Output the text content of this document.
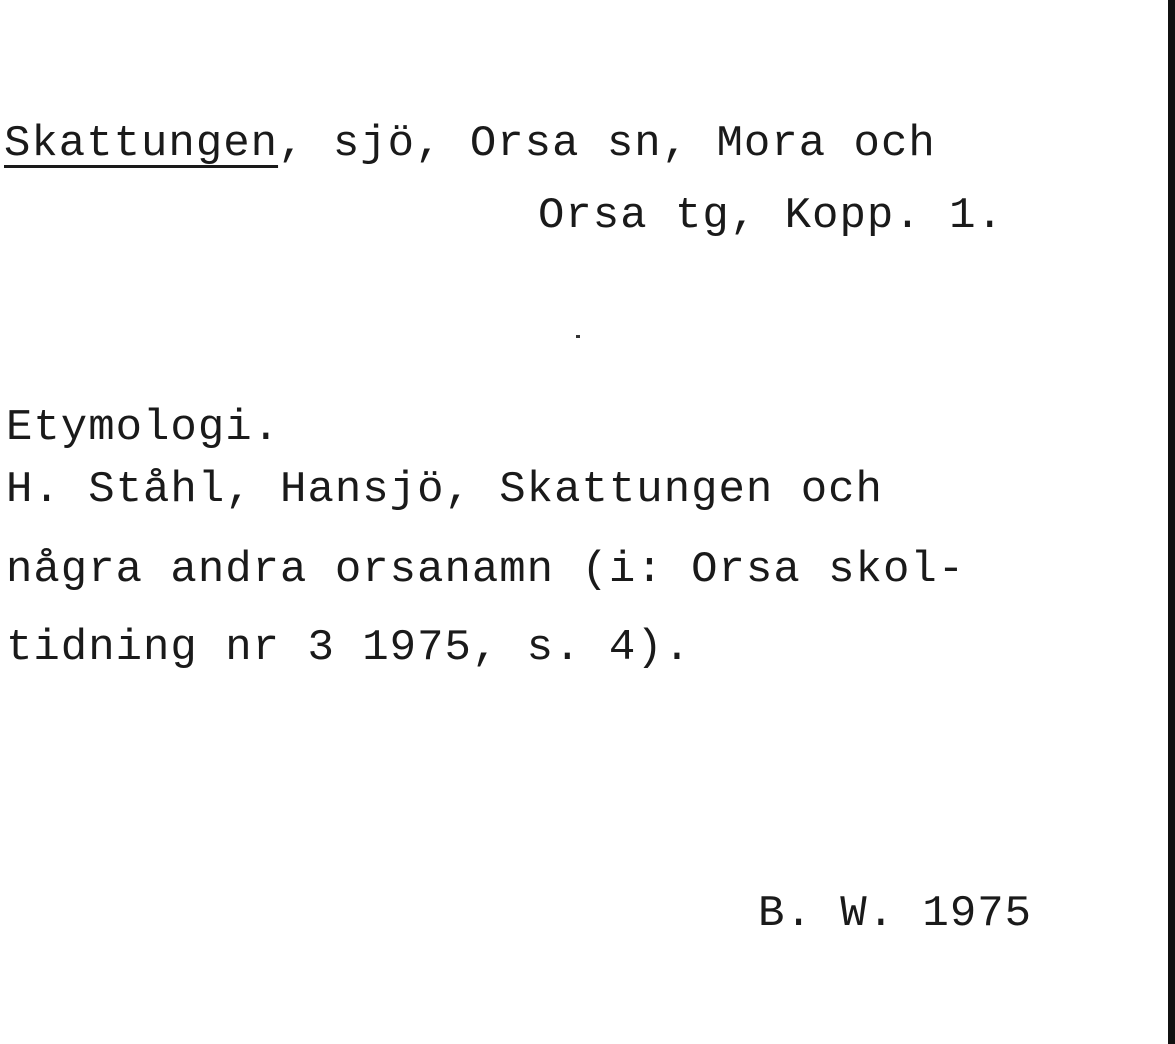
Skattungen, sjö, Orsa sn, Mora och
Orsa tg, Kopp. 1.
Etymologi.
H. Ståhl, Hansjö, Skattungen och
några andra orsanamn (i: Orsa skol-
tidning nr 3 1975, s. 4).
B. W. 1975
